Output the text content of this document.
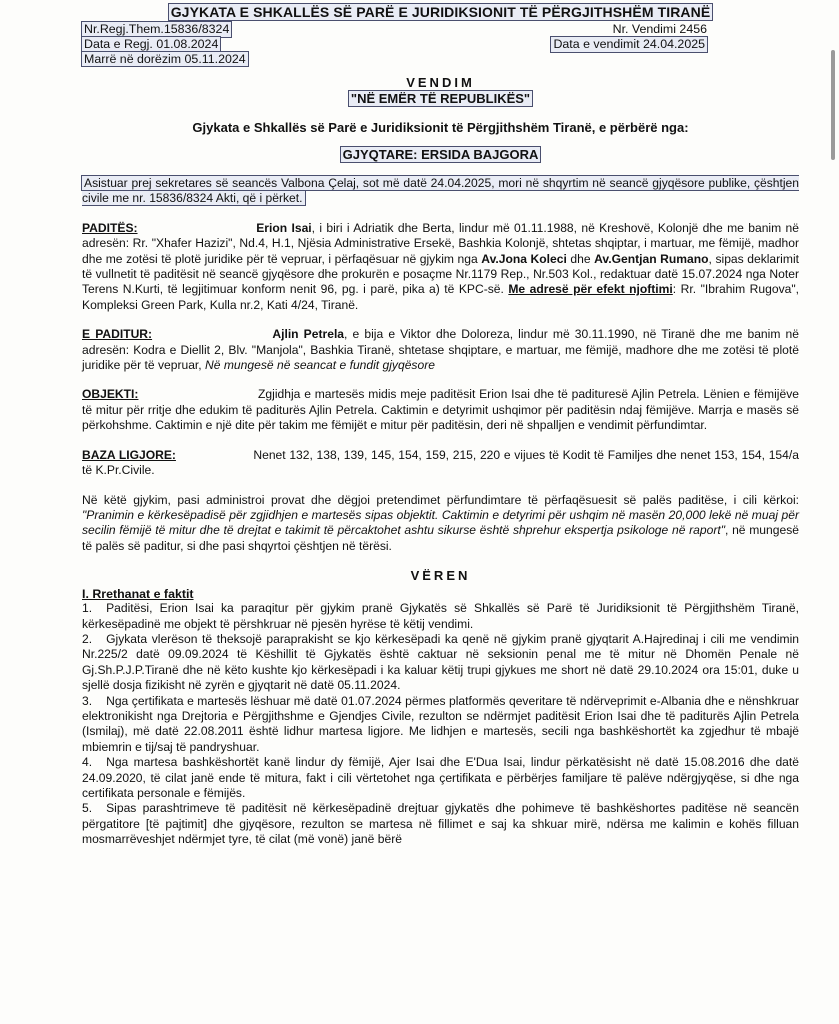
GJYKATA E SHKALLËS SË PARË E JURIDIKSIONIT TË PËRGJITHSHËM TIRANË
Nr.Regj.Them.15836/8324	Nr. Vendimi 2456
Data e Regj. 01.08.2024	Data e vendimit 24.04.2025
Marrë në dorëzim 05.11.2024
VENDIM
"NË EMËR TË REPUBLIKËS"
Gjykata e Shkallës së Parë e Juridiksionit të Përgjithshëm Tiranë, e përbërë nga:
GJYQTARE: ERSIDA BAJGORA

Asistuar prej sekretares së seancës Valbona Çelaj, sot më datë 24.04.2025, mori në shqyrtim në seancë gjyqësore publike, çështjen civile me nr. 15836/8324 Akti, që i përket.

PADITËS:	Erion Isai, i biri i Adriatik dhe Berta, lindur më 01.11.1988, në Kreshovë, Kolonjë dhe me banim në adresën: Rr. "Xhafer Hazizi", Nd.4, H.1, Njësia Administrative Ersekë, Bashkia Kolonjë, shtetas shqiptar, i martuar, me fëmijë, madhor dhe me zotësi të plotë juridike për të vepruar, i përfaqësuar në gjykim nga Av.Jona Koleci dhe Av.Gentjan Rumano, sipas deklarimit të vullnetit të paditësit në seancë gjyqësore dhe prokurën e posaçme Nr.1179 Rep., Nr.503 Kol., redaktuar datë 15.07.2024 nga Noter Terens N.Kurti, të legjitimuar konform nenit 96, pg. i parë, pika a) të KPC-së. Me adresë për efekt njoftimi: Rr. "Ibrahim Rugova", Kompleksi Green Park, Kulla nr.2, Kati 4/24, Tiranë.

E PADITUR:	Ajlin Petrela, e bija e Viktor dhe Doloreza, lindur më 30.11.1990, në Tiranë dhe me banim në adresën: Kodra e Diellit 2, Blv. "Manjola", Bashkia Tiranë, shtetase shqiptare, e martuar, me fëmijë, madhore dhe me zotësi të plotë juridike për të vepruar, Në mungesë në seancat e fundit gjyqësore

OBJEKTI:	Zgjidhja e martesës midis meje paditësit Erion Isai dhe të padituresë Ajlin Petrela. Lënien e fëmijëve të mitur për rritje dhe edukim të paditurës Ajlin Petrela. Caktimin e detyrimit ushqimor për paditësin ndaj fëmijëve. Marrja e masës së përkohshme. Caktimin e një dite për takim me fëmijët e mitur për paditësin, deri në shpalljen e vendimit përfundimtar.

BAZA LIGJORE:	Nenet 132, 138, 139, 145, 154, 159, 215, 220 e vijues të Kodit të Familjes dhe nenet 153, 154, 154/a të K.Pr.Civile.

Në këtë gjykim, pasi administroi provat dhe dëgjoi pretendimet përfundimtare të përfaqësuesit së palës paditëse, i cili kërkoi: "Pranimin e kërkesëpadisë për zgjidhjen e martesës sipas objektit. Caktimin e detyrimi për ushqim në masën 20,000 lekë në muaj për secilin fëmijë të mitur dhe të drejtat e takimit të përcaktohet ashtu sikurse është shprehur ekspertja psikologe në raport", në mungesë të palës së paditur, si dhe pasi shqyrtoi çështjen në tërësi.

VËREN
I. Rrethanat e faktit

1. Paditësi, Erion Isai ka paraqitur për gjykim pranë Gjykatës së Shkallës së Parë të Juridiksionit të Përgjithshëm Tiranë, kërkesëpadinë me objekt të përshkruar në pjesën hyrëse të këtij vendimi.

2. Gjykata vlerëson të theksojë paraprakisht se kjo kërkesëpadi ka qenë në gjykim pranë gjyqtarit A.Hajredinaj i cili me vendimin Nr.225/2 datë 09.09.2024 të Këshillit të Gjykatës është caktuar në seksionin penal me të mitur në Dhomën Penale në Gj.Sh.P.J.P.Tiranë dhe në këto kushte kjo kërkesëpadi i ka kaluar këtij trupi gjykues me short në datë 29.10.2024 ora 15:01, duke u sjellë dosja fizikisht në zyrën e gjyqtarit në datë 05.11.2024.

3. Nga çertifikata e martesës lëshuar më datë 01.07.2024 përmes platformës qeveritare të ndërveprimit e-Albania dhe e nënshkruar elektronikisht nga Drejtoria e Përgjithshme e Gjendjes Civile, rezulton se ndërmjet paditësit Erion Isai dhe të paditurës Ajlin Petrela (Ismilaj), më datë 22.08.2011 është lidhur martesa ligjore. Me lidhjen e martesës, secili nga bashkëshortët ka zgjedhur të mbajë mbiemrin e tij/saj të pandryshuar.

4. Nga martesa bashkëshortët kanë lindur dy fëmijë, Ajer Isai dhe E'Dua Isai, lindur përkatësisht në datë 15.08.2016 dhe datë 24.09.2020, të cilat janë ende të mitura, fakt i cili vërtetohet nga çertifikata e përbërjes familjare të palëve ndërgjyqëse, si dhe nga certifikata personale e fëmijës.

5. Sipas parashtrimeve të paditësit në kërkesëpadinë drejtuar gjykatës dhe pohimeve të bashkëshortes paditëse në seancën përgatitore [të pajtimit] dhe gjyqësore, rezulton se martesa në fillimet e saj ka shkuar mirë, ndërsa me kalimin e kohës filluan mosmarrëveshjet ndërmjet tyre, të cilat (më vonë) janë bërë
